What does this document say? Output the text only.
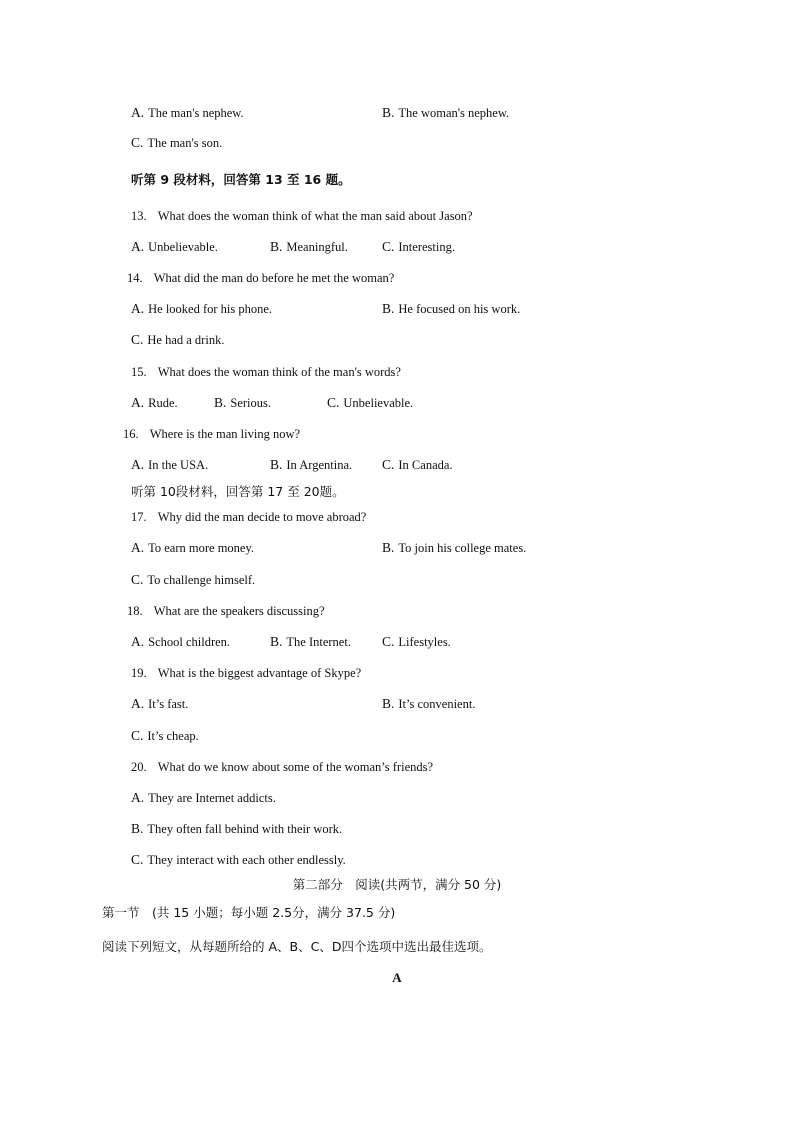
A. The man's nephew.	B. The woman's nephew.
C. The man's son.
听第 9 段材料，回答第 13 至 16 题。
13. What does the woman think of what the man said about Jason?
A. Unbelievable.	B. Meaningful.	C. Interesting.
14. What did the man do before he met the woman?
A. He looked for his phone.	B. He focused on his work.
C. He had a drink.
15. What does the woman think of the man's words?
A. Rude.	B. Serious.	C. Unbelievable.
16. Where is the man living now?
A. In the USA.	B. In Argentina. C. In Canada.
听第 10段材料，回答第 17 至 20题。
17. Why did the man decide to move abroad?
A. To earn more money.	B. To join his college mates.
C. To challenge himself.
18. What are the speakers discussing?
A. School children.	B. The Internet. C. Lifestyles.
19. What is the biggest advantage of Skype?
A. It’s fast.	B. It’s convenient.
C. It’s cheap.
20. What do we know about some of the woman’s friends?
A. They are Internet addicts.
B. They often fall behind with their work.
C. They interact with each other endlessly.
第二部分　阅读(共两节，满分 50 分)
第一节　(共 15 小题；每小题 2.5分，满分 37.5 分)
阅读下列短文，从每题所给的 A、B、C、D四个选项中选出最佳选项。
A
